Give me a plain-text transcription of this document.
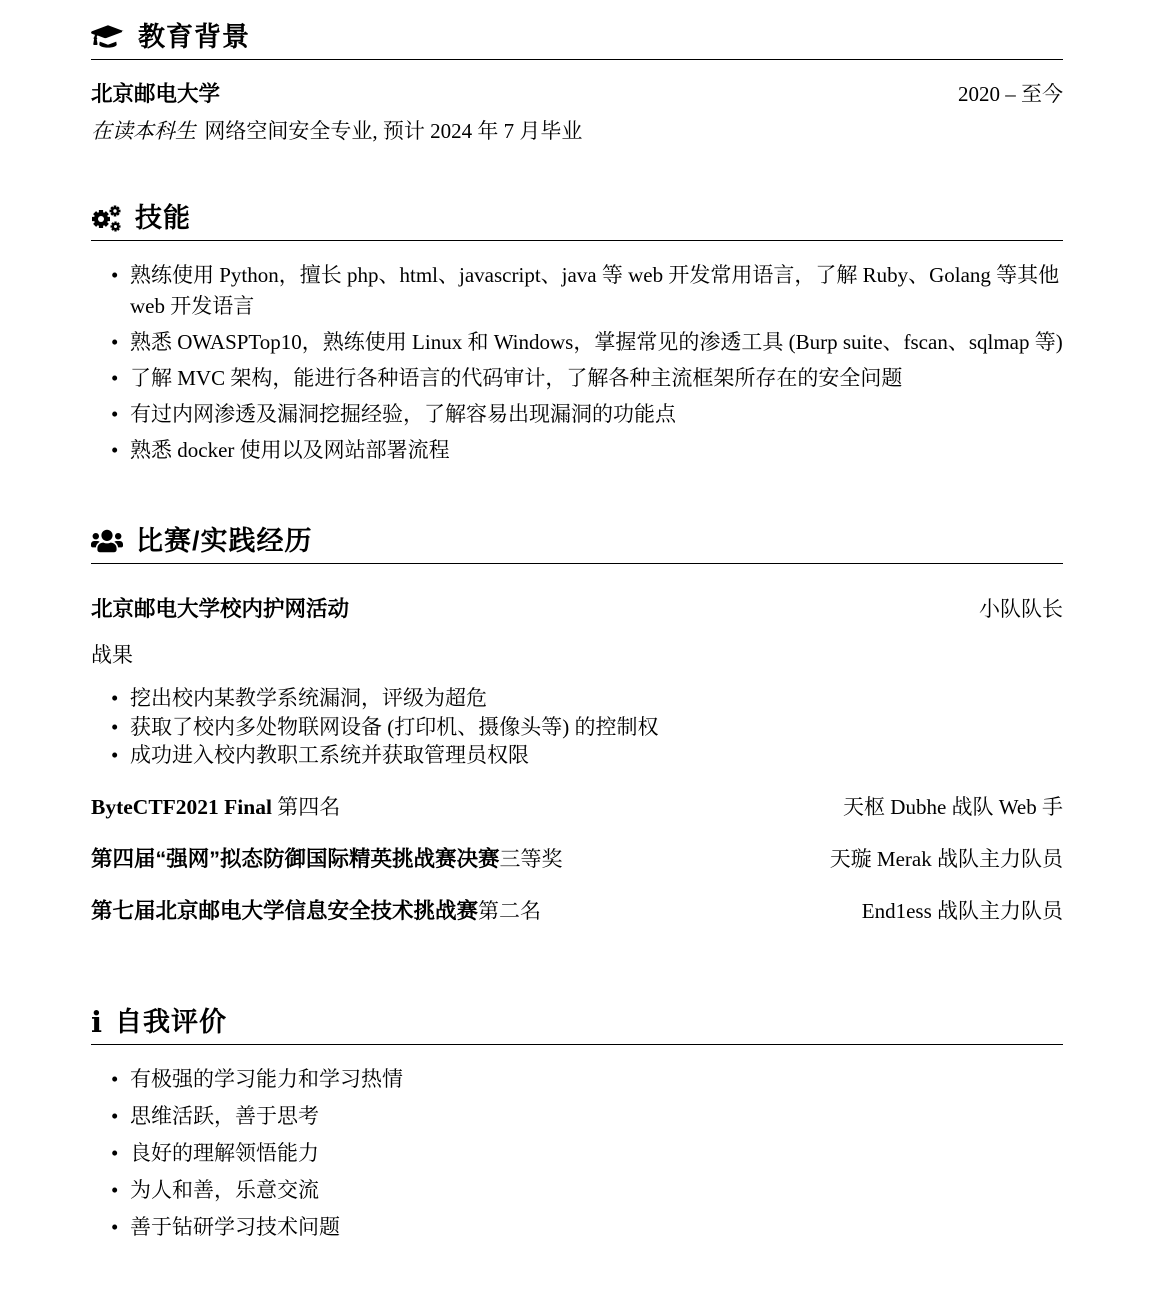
教育背景
北京邮电大学	2020 – 至今
在读本科生 网络空间安全专业, 预计 2024 年 7 月毕业
技能
• 熟练使用 Python，擅长 php、html、javascript、java 等 web 开发常用语言，了解 Ruby、Golang 等其他 web 开发语言
• 熟悉 OWASPTop10，熟练使用 Linux 和 Windows，掌握常见的渗透工具 (Burp suite、fscan、sqlmap 等)
• 了解 MVC 架构，能进行各种语言的代码审计，了解各种主流框架所存在的安全问题
• 有过内网渗透及漏洞挖掘经验，了解容易出现漏洞的功能点
• 熟悉 docker 使用以及网站部署流程
比赛/实践经历
北京邮电大学校内护网活动	小队队长
战果
• 挖出校内某教学系统漏洞，评级为超危
• 获取了校内多处物联网设备 (打印机、摄像头等) 的控制权
• 成功进入校内教职工系统并获取管理员权限
ByteCTF2021 Final 第四名	天枢 Dubhe 战队 Web 手
第四届“强网”拟态防御国际精英挑战赛决赛三等奖	天璇 Merak 战队主力队员
第七届北京邮电大学信息安全技术挑战赛第二名	End1ess 战队主力队员
i 自我评价
• 有极强的学习能力和学习热情
• 思维活跃，善于思考
• 良好的理解领悟能力
• 为人和善，乐意交流
• 善于钻研学习技术问题
